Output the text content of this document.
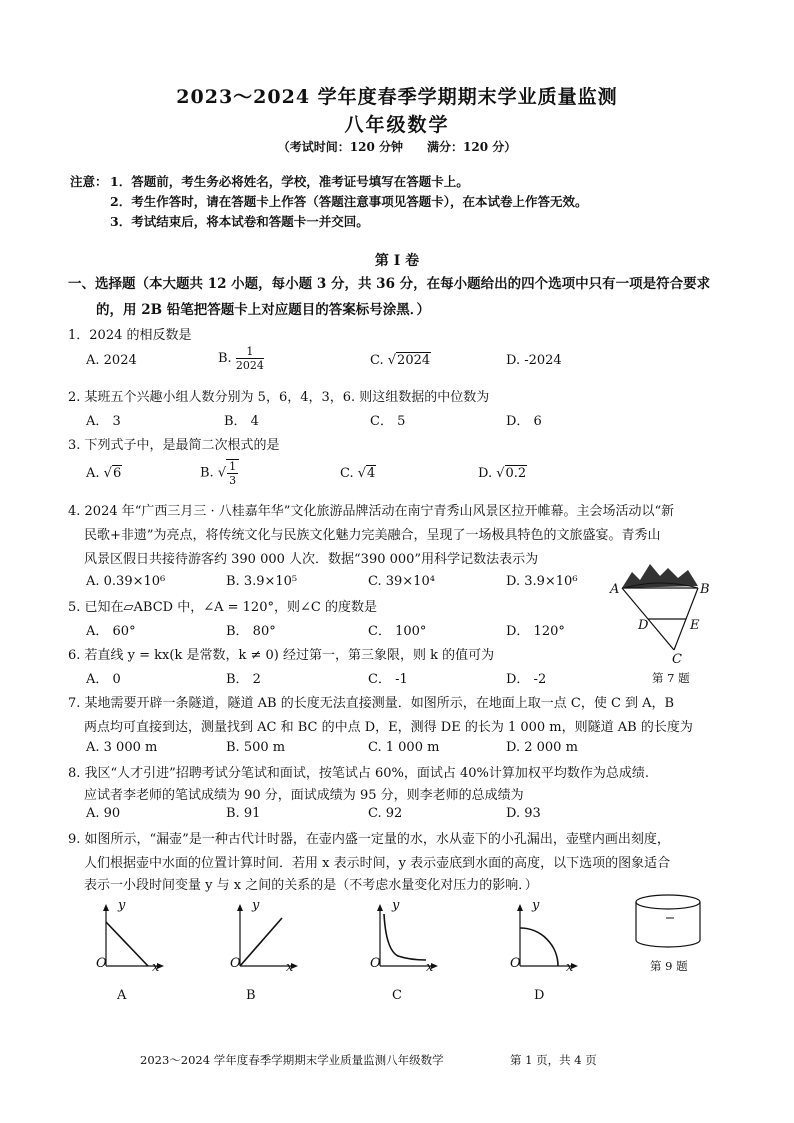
2023～2024 学年度春季学期期末学业质量监测
八年级数学
（考试时间：120 分钟　　满分：120 分）
注意： 1．答题前，考生务必将姓名，学校，准考证号填写在答题卡上。
2．考生作答时，请在答题卡上作答（答题注意事项见答题卡），在本试卷上作答无效。
3．考试结束后，将本试卷和答题卡一并交回。
第 I 卷
一、选择题（本大题共 12 小题，每小题 3 分，共 36 分，在每小题给出的四个选项中只有一项是符合要求
的，用 2B 铅笔把答题卡上对应题目的答案标号涂黑．）
1．2024 的相反数是
A. 2024	B. $\frac{1}{2024}$	C. √2024	D. -2024
2. 某班五个兴趣小组人数分别为 5，6，4，3，6. 则这组数据的中位数为
A． 3	B． 4	C． 5	D． 6
3. 下列式子中，是最简二次根式的是
A. √6	B. √ $\frac{1}{3}$	C. √4	D. √0.2
4. 2024 年“广西三月三 · 八桂嘉年华”文化旅游品牌活动在南宁青秀山风景区拉开帷幕。主会场活动以“新
民歌+非遗”为亮点，将传统文化与民族文化魅力完美融合，呈现了一场极具特色的文旅盛宴。青秀山
风景区假日共接待游客约 390 000 人次．数据“390 000”用科学记数法表示为
A. 0.39×10⁶	B. 3.9×10⁵	C. 39×10⁴	D. 3.9×10⁶
A	B
D	E
C
第 7 题
5. 已知在▱ABCD 中，∠A = 120°，则∠C 的度数是
A． 60°	B． 80°	C． 100°	D． 120°
6. 若直线 y = kx(k 是常数，k ≠ 0) 经过第一，第三象限，则 k 的值可为
A． 0	B． 2	C． -1	D． -2
7. 某地需要开辟一条隧道，隧道 AB 的长度无法直接测量．如图所示，在地面上取一点 C，使 C 到 A，B
两点均可直接到达，测量找到 AC 和 BC 的中点 D，E，测得 DE 的长为 1 000 m，则隧道 AB 的长度为
A. 3 000 m	B. 500 m	C. 1 000 m	D. 2 000 m
8. 我区“人才引进”招聘考试分笔试和面试，按笔试占 60%，面试占 40%计算加权平均数作为总成绩.
应试者李老师的笔试成绩为 90 分，面试成绩为 95 分，则李老师的总成绩为
A. 90	B. 91	C. 92	D. 93
9. 如图所示，“漏壶”是一种古代计时器，在壶内盛一定量的水，水从壶下的小孔漏出，壶壁内画出刻度，
人们根据壶中水面的位置计算时间．若用 x 表示时间，y 表示壶底到水面的高度，以下选项的图象适合
表示一小段时间变量 y 与 x 之间的关系的是（不考虑水量变化对压力的影响．）
y
O	x
y
O	x
y
O	x
y
O	x
A	B	C	D
第 9 题
2023～2024 学年度春季学期期末学业质量监测八年级数学	第 1 页，共 4 页
